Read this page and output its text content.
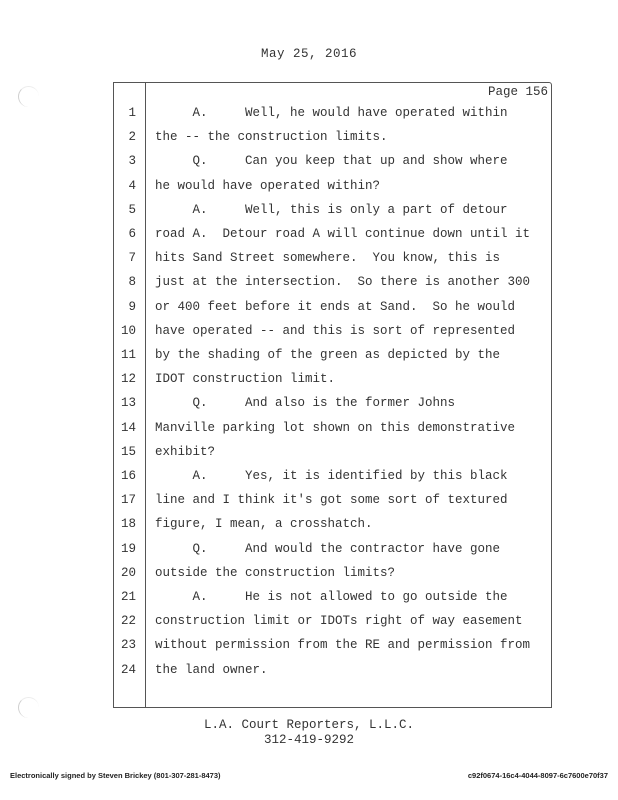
May 25, 2016
Page 156
1 A.     Well, he would have operated within
2 the -- the construction limits.
3 Q.     Can you keep that up and show where
4 he would have operated within?
5 A.     Well, this is only a part of detour
6 road A.  Detour road A will continue down until it
7 hits Sand Street somewhere.  You know, this is
8 just at the intersection.  So there is another 300
9 or 400 feet before it ends at Sand.  So he would
10 have operated -- and this is sort of represented
11 by the shading of the green as depicted by the
12 IDOT construction limit.
13 Q.     And also is the former Johns
14 Manville parking lot shown on this demonstrative
15 exhibit?
16 A.     Yes, it is identified by this black
17 line and I think it's got some sort of textured
18 figure, I mean, a crosshatch.
19 Q.     And would the contractor have gone
20 outside the construction limits?
21 A.     He is not allowed to go outside the
22 construction limit or IDOTs right of way easement
23 without permission from the RE and permission from
24 the land owner.
L.A. Court Reporters, L.L.C.
312-419-9292
Electronically signed by Steven Brickey (801-307-281-8473)	c92f0674-16c4-4044-8097-6c7600e70f37
